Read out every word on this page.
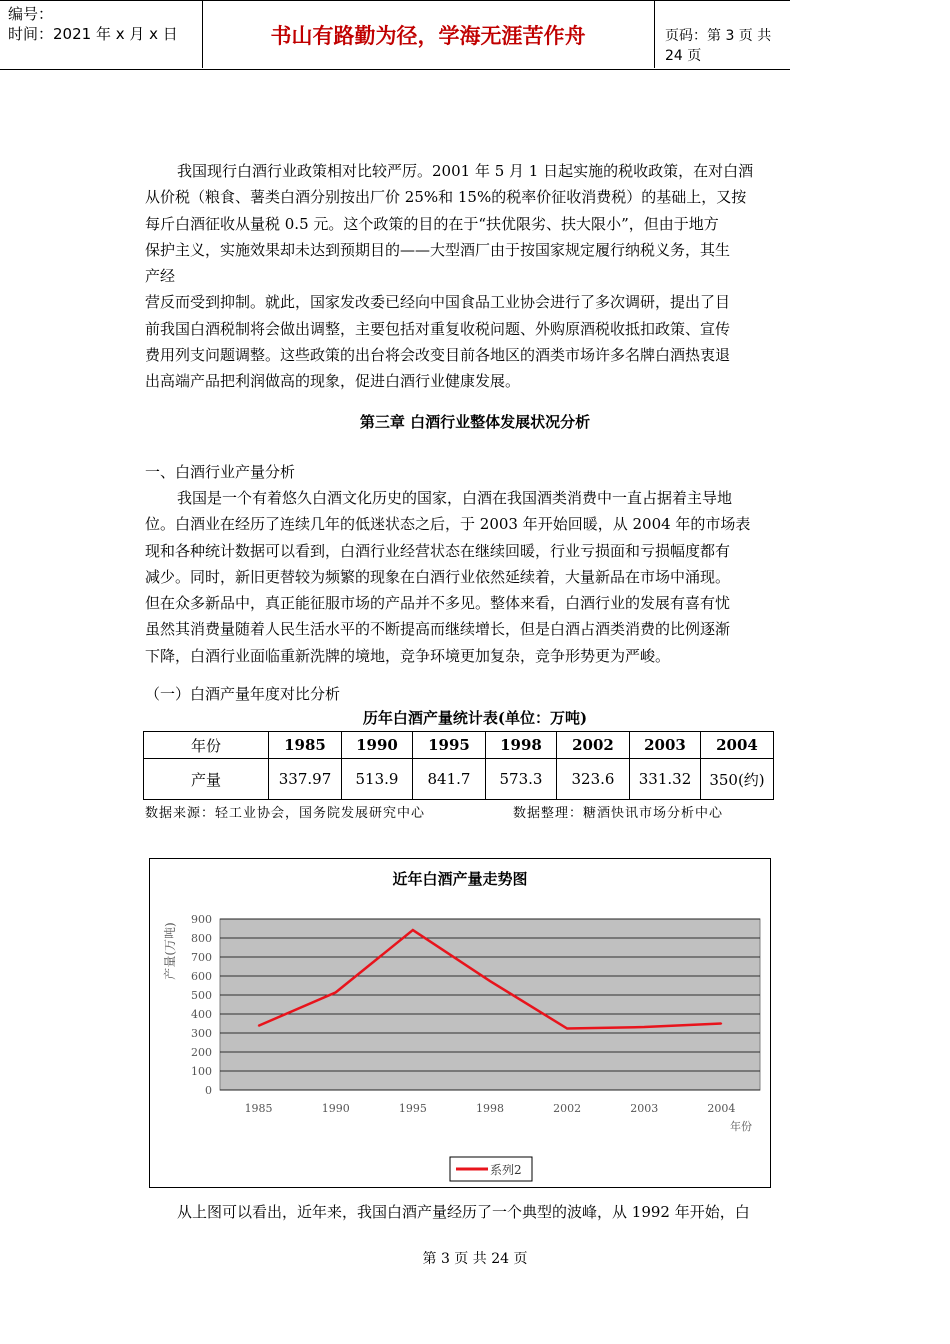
编号：
时间：2021 年 x 月 x 日	书山有路勤为径，学海无涯苦作舟	页码：第 3 页 共 24 页

我国现行白酒行业政策相对比较严厉。2001 年 5 月 1 日起实施的税收政策，在对白酒

从价税（粮食、薯类白酒分别按出厂价 25%和 15%的税率价征收消费税）的基础上，又按

每斤白酒征收从量税 0.5 元。这个政策的目的在于“扶优限劣、扶大限小”，但由于地方

保护主义，实施效果却未达到预期目的——大型酒厂由于按国家规定履行纳税义务，其生

产经

营反而受到抑制。就此，国家发改委已经向中国食品工业协会进行了多次调研，提出了目

前我国白酒税制将会做出调整，主要包括对重复收税问题、外购原酒税收抵扣政策、宣传

费用列支问题调整。这些政策的出台将会改变目前各地区的酒类市场许多名牌白酒热衷退

出高端产品把利润做高的现象，促进白酒行业健康发展。

第三章 白酒行业整体发展状况分析

一、白酒行业产量分析

我国是一个有着悠久白酒文化历史的国家，白酒在我国酒类消费中一直占据着主导地

位。白酒业在经历了连续几年的低迷状态之后，于 2003 年开始回暖，从 2004 年的市场表

现和各种统计数据可以看到，白酒行业经营状态在继续回暖，行业亏损面和亏损幅度都有

减少。同时，新旧更替较为频繁的现象在白酒行业依然延续着，大量新品在市场中涌现。

但在众多新品中，真正能征服市场的产品并不多见。整体来看，白酒行业的发展有喜有忧

虽然其消费量随着人民生活水平的不断提高而继续增长，但是白酒占酒类消费的比例逐渐

下降，白酒行业面临重新洗牌的境地，竞争环境更加复杂，竞争形势更为严峻。

（一）白酒产量年度对比分析

历年白酒产量统计表(单位：万吨)
年份	1985	1990	1995	1998	2002	2003	2004
产量	337.97	513.9	841.7	573.3	323.6	331.32	350(约)
数据来源：轻工业协会，国务院发展研究中心	数据整理：糖酒快讯市场分析中心
近年白酒产量走势图
0
100
200
300
400
500
600
700
800
900
1985	1990	1995	1998	2002	2003	2004
产量(万吨)
年份
系列2

从上图可以看出，近年来，我国白酒产量经历了一个典型的波峰，从 1992 年开始，白

第 3 页 共 24 页
